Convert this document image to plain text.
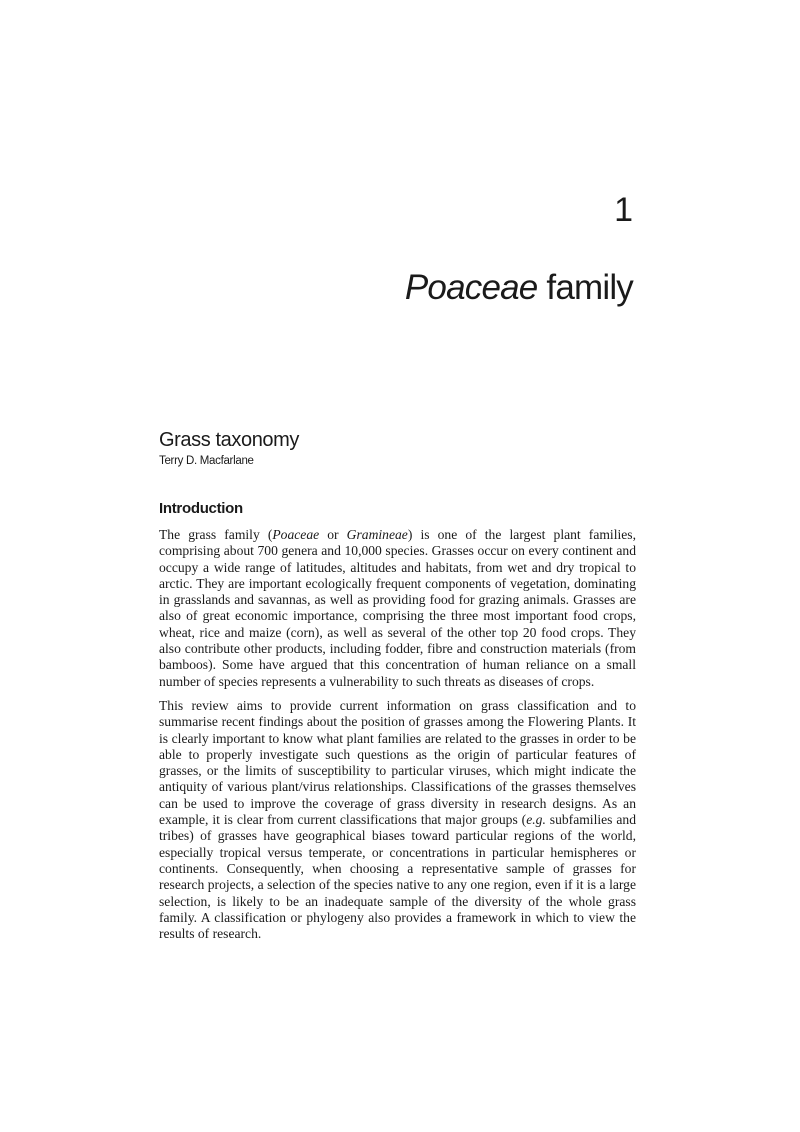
1
Poaceae family
Grass taxonomy
Terry D. Macfarlane
Introduction

The grass family (Poaceae or Gramineae) is one of the largest plant families, comprising about 700 genera and 10,000 species. Grasses occur on every continent and occupy a wide range of latitudes, altitudes and habitats, from wet and dry tropical to arctic. They are important ecologically frequent components of vegetation, dominating in grasslands and savannas, as well as providing food for grazing animals. Grasses are also of great economic importance, comprising the three most important food crops, wheat, rice and maize (corn), as well as several of the other top 20 food crops. They also contribute other products, including fodder, fibre and construction materials (from bamboos). Some have argued that this concentration of human reliance on a small number of species represents a vulnerability to such threats as diseases of crops.

This review aims to provide current information on grass classification and to summarise recent findings about the position of grasses among the Flowering Plants. It is clearly important to know what plant families are related to the grasses in order to be able to properly investigate such questions as the origin of particular features of grasses, or the limits of susceptibility to particular viruses, which might indicate the antiquity of various plant/virus relationships. Classifications of the grasses themselves can be used to improve the coverage of grass diversity in research designs. As an example, it is clear from current classifications that major groups (e.g. subfamilies and tribes) of grasses have geographical biases toward particular regions of the world, especially tropical versus temperate, or concentrations in particular hemispheres or continents. Consequently, when choosing a representative sample of grasses for research projects, a selection of the species native to any one region, even if it is a large selection, is likely to be an inadequate sample of the diversity of the whole grass family. A classification or phylogeny also provides a framework in which to view the results of research.
